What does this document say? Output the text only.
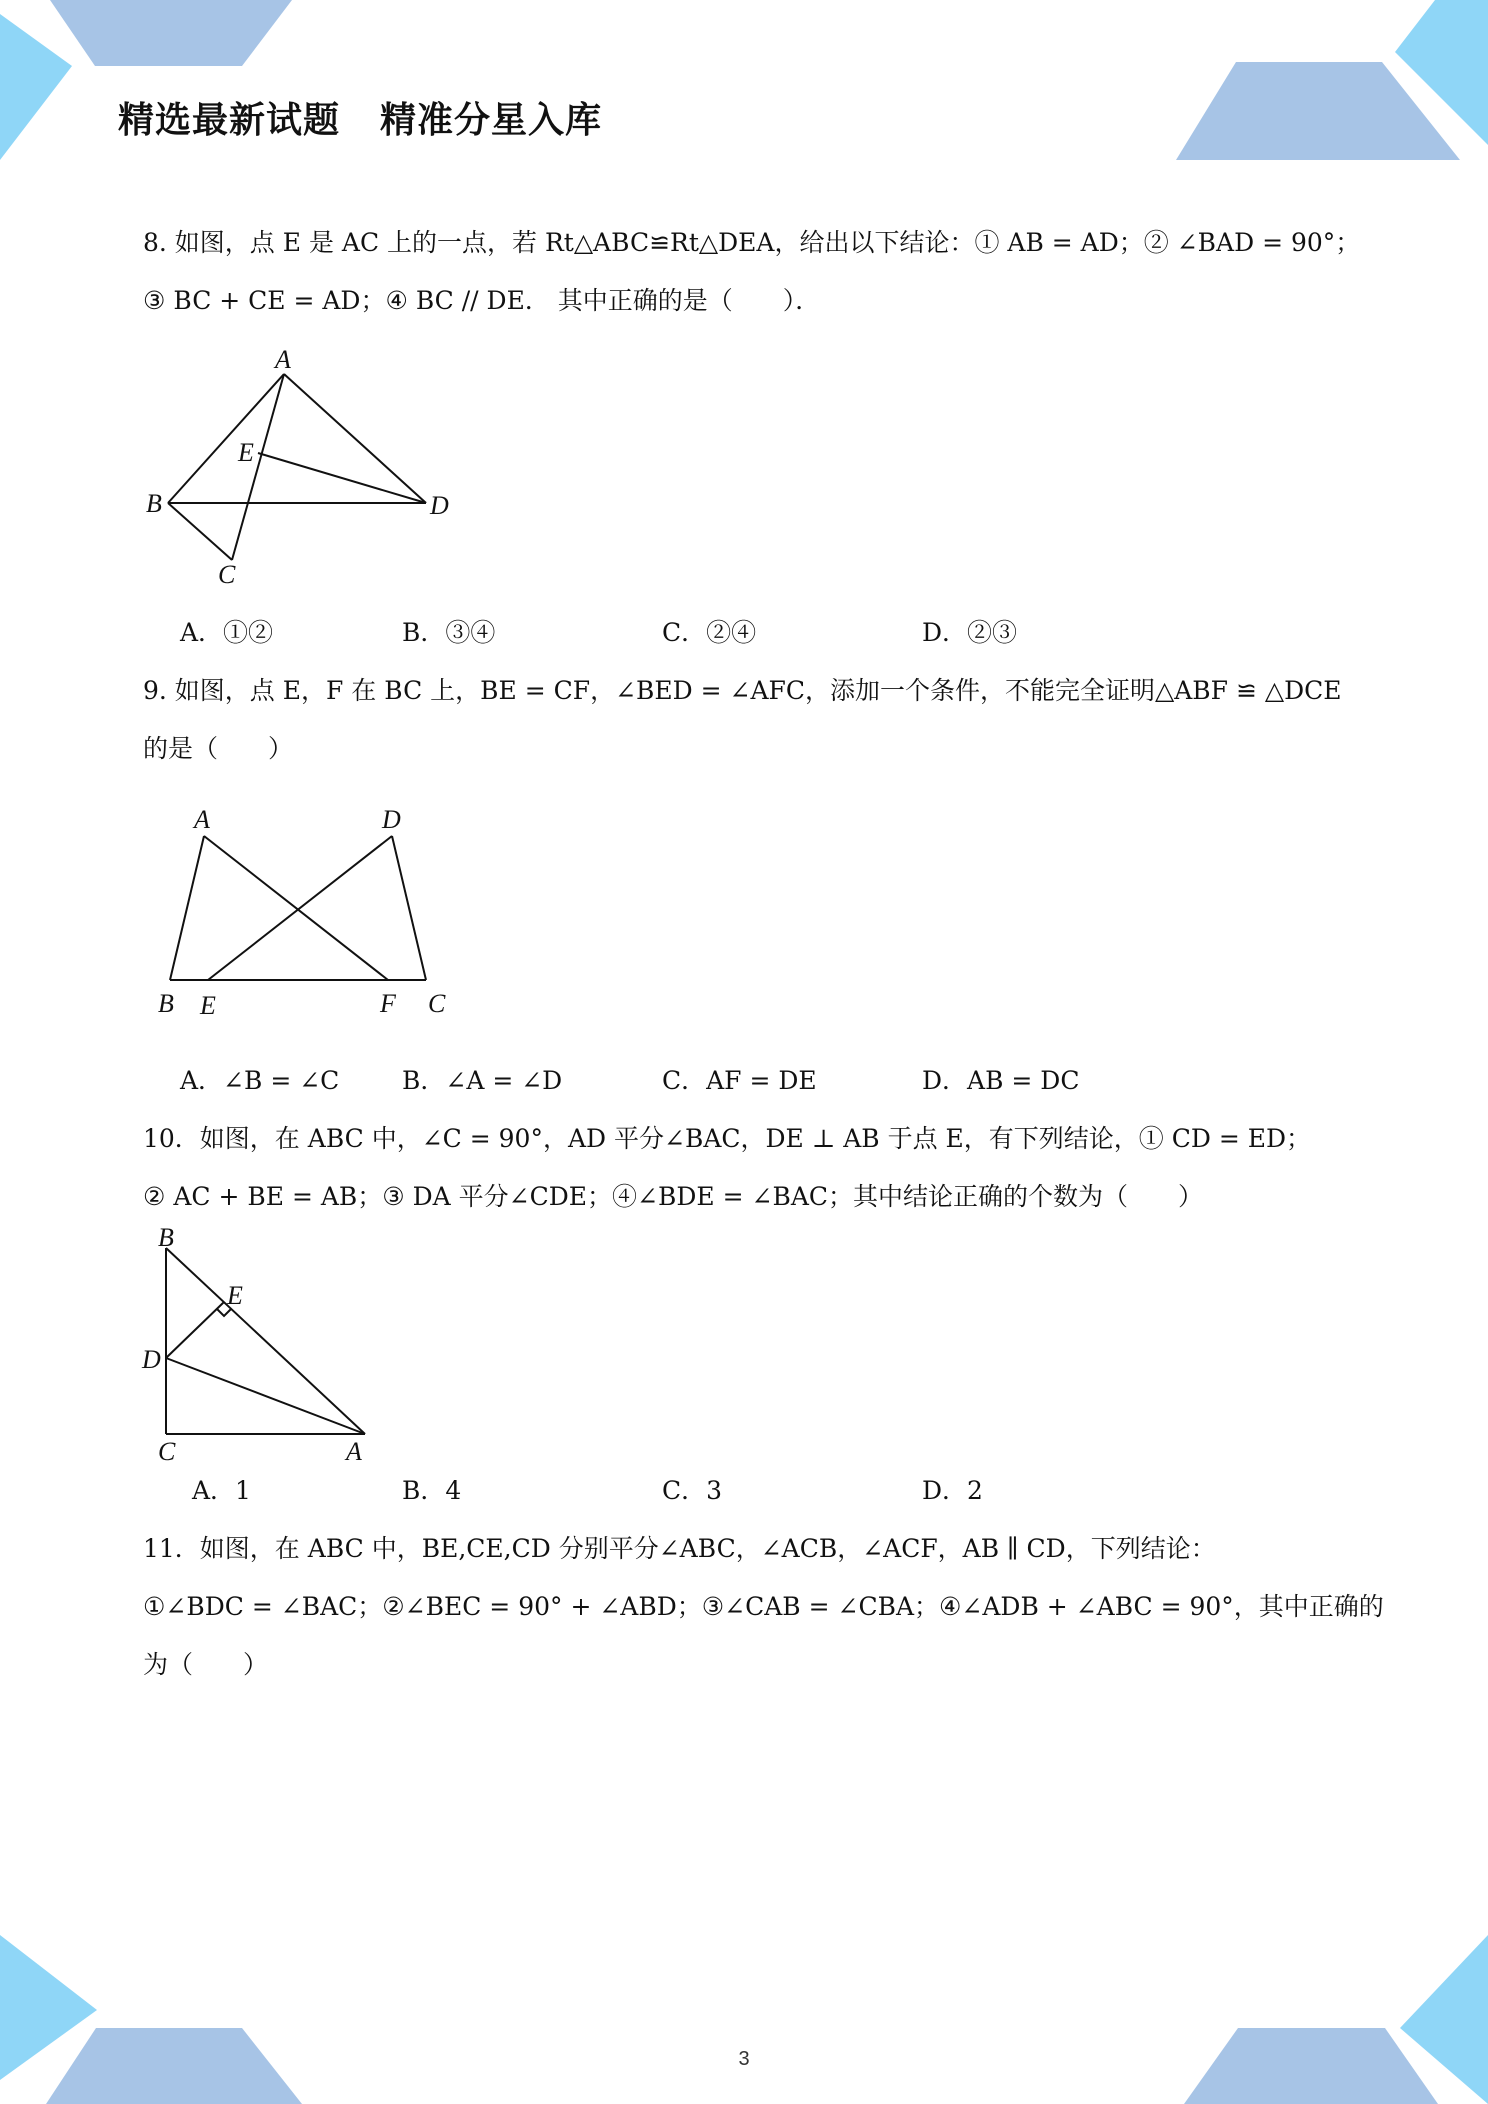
精选最新试题 精准分星入库
8. 如图，点 E 是 AC 上的一点，若 Rt△ABC≌Rt△DEA，给出以下结论：① AB = AD；② ∠BAD = 90°；
③ BC + CE = AD；④ BC // DE． 其中正确的是（　　）．
A
E
B	D
C
A．①②	B．③④	C．②④	D．②③
9. 如图，点 E，F 在 BC 上，BE = CF，∠BED = ∠AFC，添加一个条件，不能完全证明△ABF ≌ △DCE
的是（　　）
A	D
B E	F C
A．∠B = ∠C	B．∠A = ∠D	C．AF = DE	D．AB = DC
10．如图，在 ABC 中，∠C = 90°，AD 平分∠BAC，DE ⊥ AB 于点 E，有下列结论，① CD = ED；
② AC + BE = AB；③ DA 平分∠CDE；④∠BDE = ∠BAC；其中结论正确的个数为（　　）
B
E
D
C	A
A．1	B．4	C．3	D．2
11．如图，在 ABC 中，BE,CE,CD 分别平分∠ABC，∠ACB，∠ACF，AB ∥ CD，下列结论：
①∠BDC = ∠BAC；②∠BEC = 90° + ∠ABD；③∠CAB = ∠CBA；④∠ADB + ∠ABC = 90°，其中正确的
为（　　）
3
